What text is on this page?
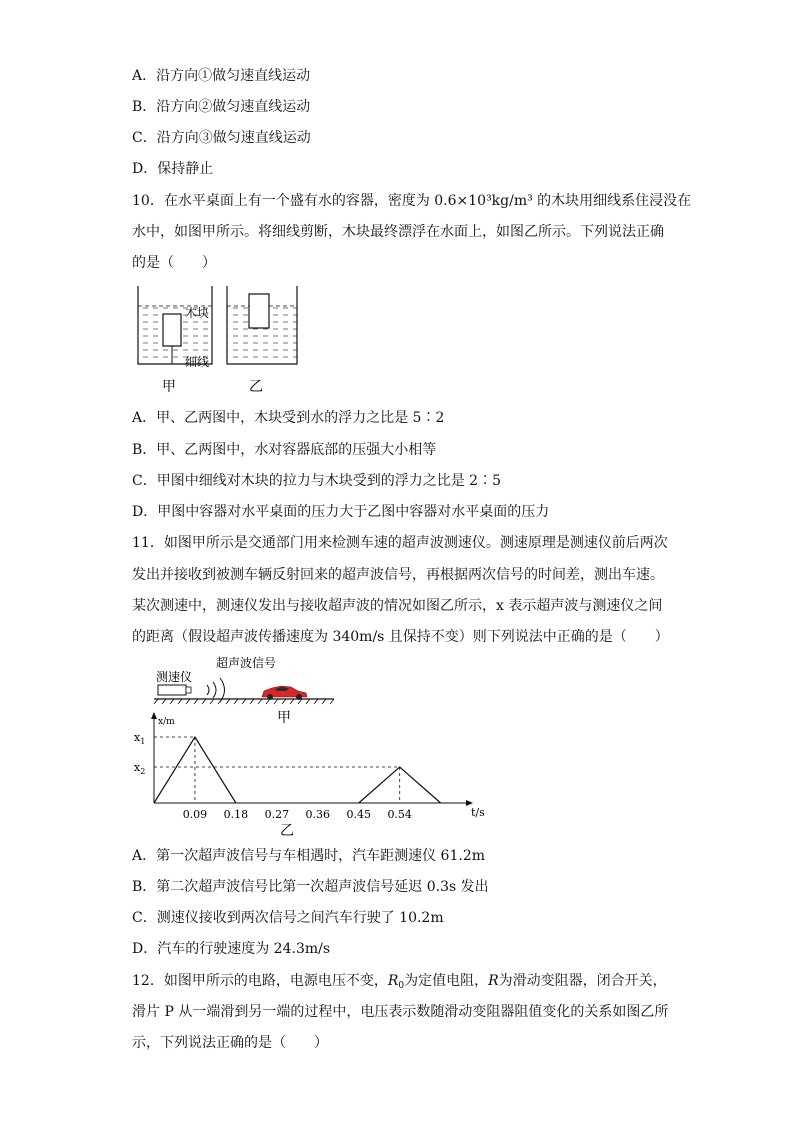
A．沿方向①做匀速直线运动
B．沿方向②做匀速直线运动
C．沿方向③做匀速直线运动
D．保持静止
10．在水平桌面上有一个盛有水的容器，密度为 0.6×10³kg/m³ 的木块用细线系住浸没在
水中，如图甲所示。将细线剪断，木块最终漂浮在水面上，如图乙所示。下列说法正确
的是（　　）
木块
细线
甲	乙
A．甲、乙两图中，木块受到水的浮力之比是 5∶2
B．甲、乙两图中，水对容器底部的压强大小相等
C．甲图中细线对木块的拉力与木块受到的浮力之比是 2∶5
D．甲图中容器对水平桌面的压力大于乙图中容器对水平桌面的压力
11．如图甲所示是交通部门用来检测车速的超声波测速仪。测速原理是测速仪前后两次
发出并接收到被测车辆反射回来的超声波信号，再根据两次信号的时间差，测出车速。
某次测速中，测速仪发出与接收超声波的情况如图乙所示，x 表示超声波与测速仪之间
的距离（假设超声波传播速度为 340m/s 且保持不变）则下列说法中正确的是（　　）
超声波信号
测速仪
甲
x/m
t/s
乙
$x_1$
$x_2$
0.09 0.18 0.27 0.36 0.45 0.54
A．第一次超声波信号与车相遇时，汽车距测速仪 61.2m
B．第二次超声波信号比第一次超声波信号延迟 0.3s 发出
C．测速仪接收到两次信号之间汽车行驶了 10.2m
D．汽车的行驶速度为 24.3m/s
12．如图甲所示的电路，电源电压不变，$R_0$为定值电阻，R为滑动变阻器，闭合开关，
滑片 P 从一端滑到另一端的过程中，电压表示数随滑动变阻器阻值变化的关系如图乙所
示，下列说法正确的是（　　）
